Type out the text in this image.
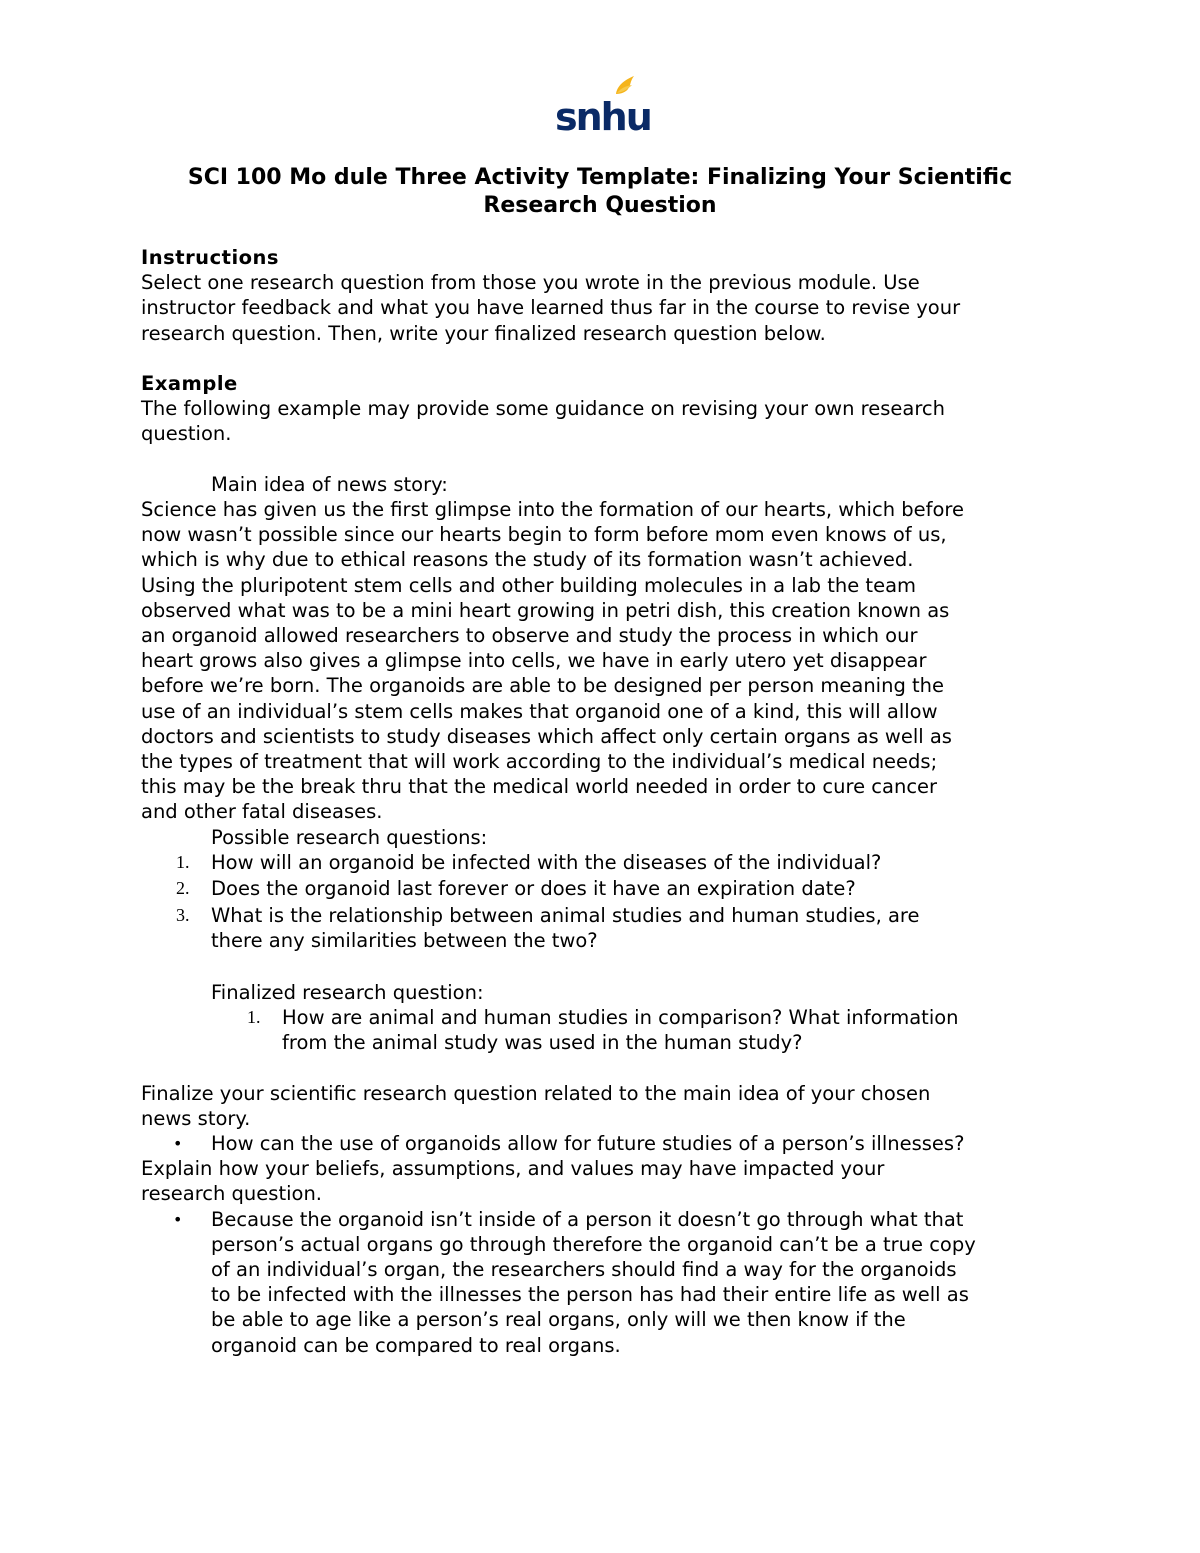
snhu
SCI 100 Mo dule Three Activity Template: Finalizing Your Scientific
Research Question

Instructions

Select one research question from those you wrote in the previous module. Use

instructor feedback and what you have learned thus far in the course to revise your

research question. Then, write your finalized research question below.

Example

The following example may provide some guidance on revising your own research

question.

Main idea of news story:

Science has given us the first glimpse into the formation of our hearts, which before

now wasn’t possible since our hearts begin to form before mom even knows of us,

which is why due to ethical reasons the study of its formation wasn’t achieved.

Using the pluripotent stem cells and other building molecules in a lab the team

observed what was to be a mini heart growing in petri dish, this creation known as

an organoid allowed researchers to observe and study the process in which our

heart grows also gives a glimpse into cells, we have in early utero yet disappear

before we’re born. The organoids are able to be designed per person meaning the

use of an individual’s stem cells makes that organoid one of a kind, this will allow

doctors and scientists to study diseases which affect only certain organs as well as

the types of treatment that will work according to the individual’s medical needs;

this may be the break thru that the medical world needed in order to cure cancer

and other fatal diseases.

Possible research questions:

1. How will an organoid be infected with the diseases of the individual?
2. Does the organoid last forever or does it have an expiration date?
3. What is the relationship between animal studies and human studies, are
there any similarities between the two?

Finalized research question:

1. How are animal and human studies in comparison? What information
from the animal study was used in the human study?

Finalize your scientific research question related to the main idea of your chosen

news story.

• How can the use of organoids allow for future studies of a person’s illnesses?

Explain how your beliefs, assumptions, and values may have impacted your

research question.

• Because the organoid isn’t inside of a person it doesn’t go through what that
person’s actual organs go through therefore the organoid can’t be a true copy
of an individual’s organ, the researchers should find a way for the organoids
to be infected with the illnesses the person has had their entire life as well as
be able to age like a person’s real organs, only will we then know if the
organoid can be compared to real organs.
